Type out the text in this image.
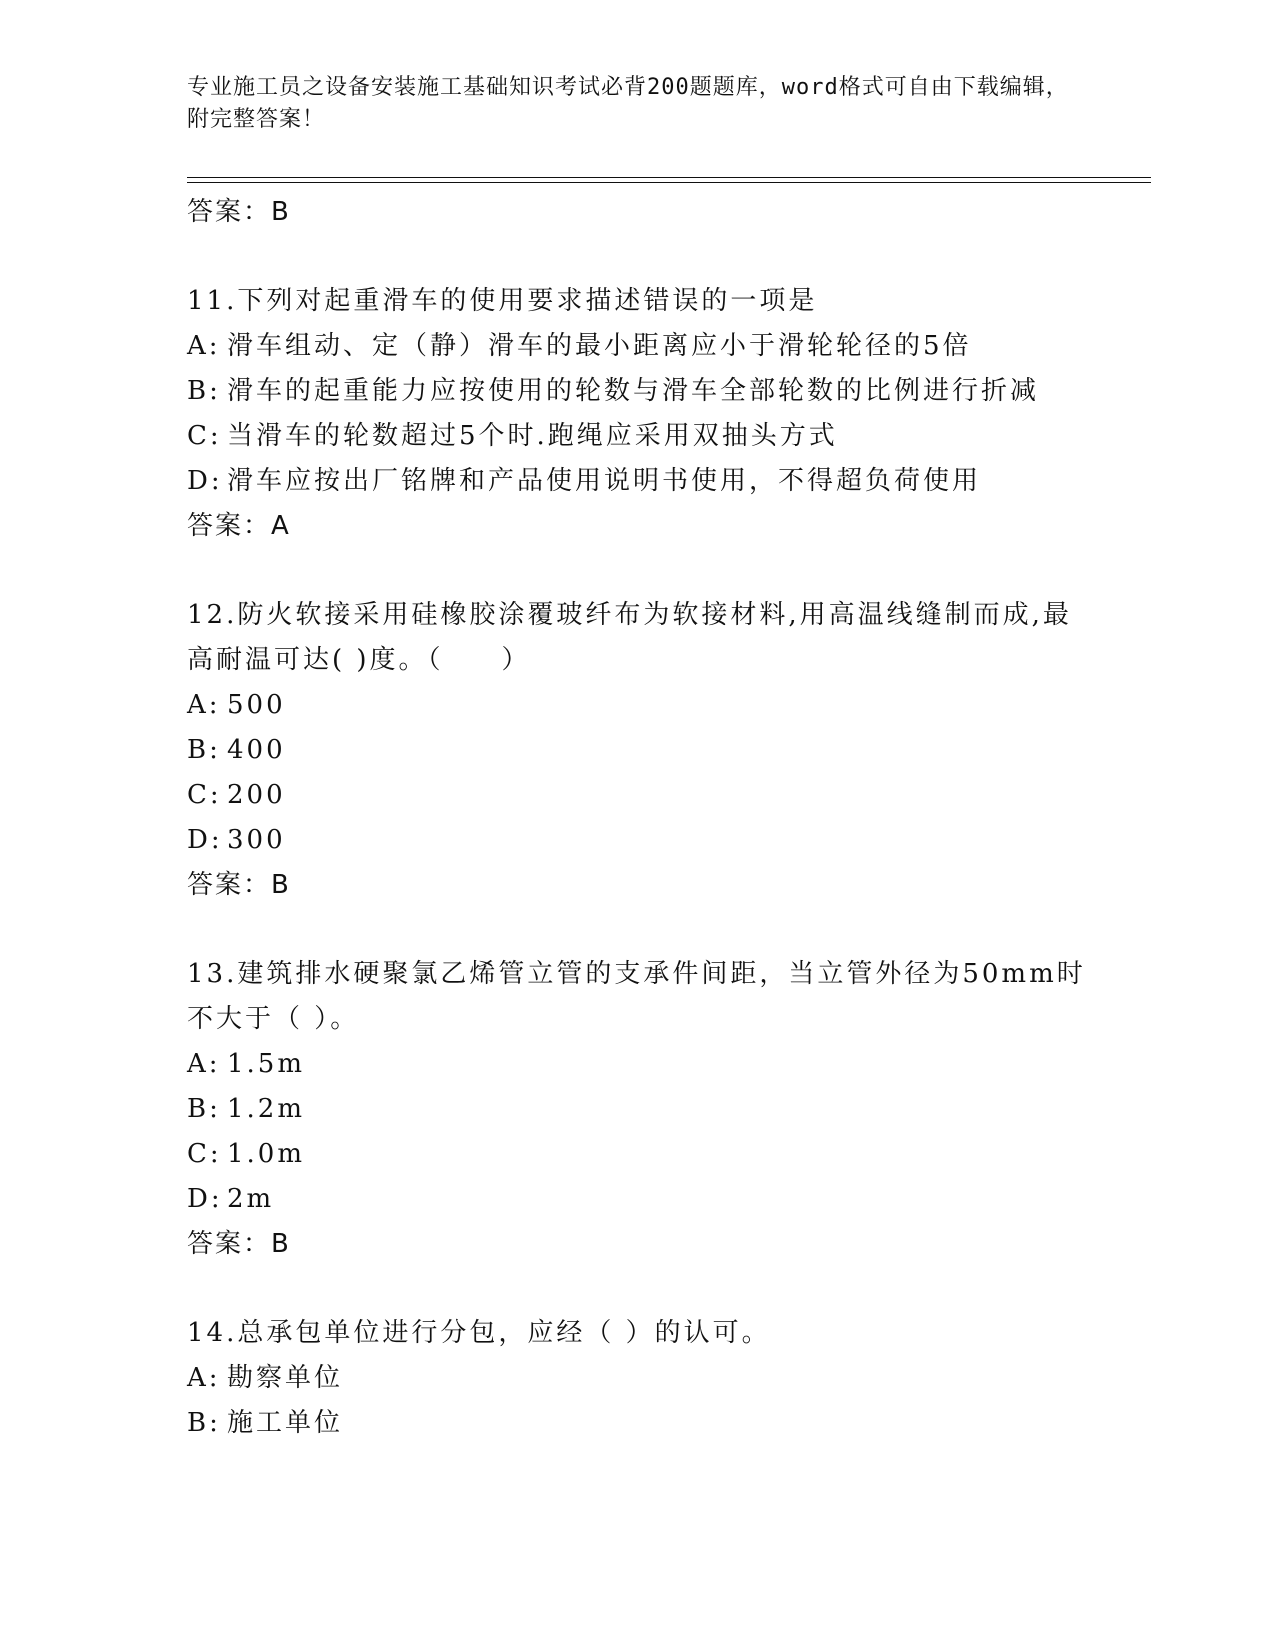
专业施工员之设备安装施工基础知识考试必背200题题库，word格式可自由下载编辑，附完整答案！
答案：B
11.下列对起重滑车的使用要求描述错误的一项是
A: 滑车组动、定（静）滑车的最小距离应小于滑轮轮径的5倍
B: 滑车的起重能力应按使用的轮数与滑车全部轮数的比例进行折减
C: 当滑车的轮数超过5个时.跑绳应采用双抽头方式
D: 滑车应按出厂铭牌和产品使用说明书使用，不得超负荷使用
答案：A
12.防火软接采用硅橡胶涂覆玻纤布为软接材料,用高温线缝制而成,最高耐温可达( )度。（　　）
A: 500
B: 400
C: 200
D: 300
答案：B
13.建筑排水硬聚氯乙烯管立管的支承件间距，当立管外径为50mm时不大于（ ）。
A: 1.5m
B: 1.2m
C: 1.0m
D: 2m
答案：B
14.总承包单位进行分包，应经（ ）的认可。
A: 勘察单位
B: 施工单位
